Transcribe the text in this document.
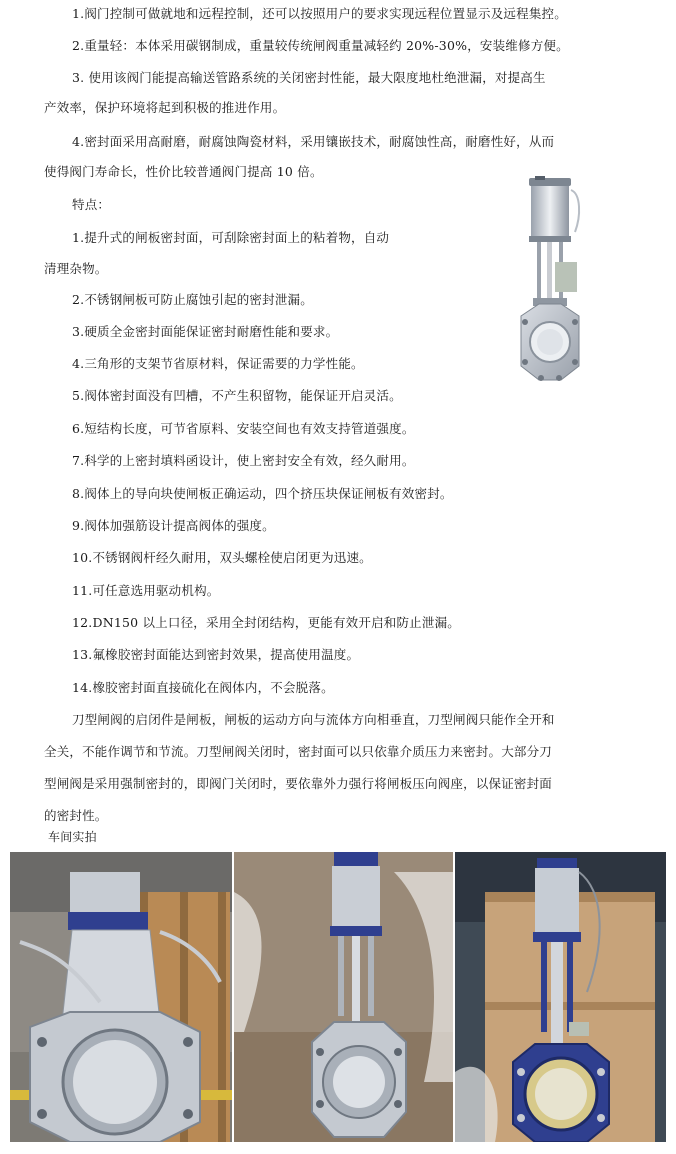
1.阀门控制可做就地和远程控制，还可以按照用户的要求实现远程位置显示及远程集控。

2.重量轻：本体采用碳钢制成，重量较传统闸阀重量减轻约 20%-30%，安装维修方便。

3. 使用该阀门能提高输送管路系统的关闭密封性能，最大限度地杜绝泄漏，对提高生

产效率，保护环境将起到积极的推进作用。

4.密封面采用高耐磨，耐腐蚀陶瓷材料，采用镶嵌技术，耐腐蚀性高，耐磨性好，从而

使得阀门寿命长，性价比较普通阀门提高 10 倍。

特点：

1.提升式的闸板密封面，可刮除密封面上的粘着物，自动

清理杂物。

2.不锈钢闸板可防止腐蚀引起的密封泄漏。

3.硬质全金密封面能保证密封耐磨性能和要求。

4.三角形的支架节省原材料，保证需要的力学性能。

5.阀体密封面没有凹槽，不产生积留物，能保证开启灵活。

6.短结构长度，可节省原料、安装空间也有效支持管道强度。

7.科学的上密封填料函设计，使上密封安全有效，经久耐用。

8.阀体上的导向块使闸板正确运动，四个挤压块保证闸板有效密封。

9.阀体加强筋设计提高阀体的强度。

10.不锈钢阀杆经久耐用，双头螺栓使启闭更为迅速。

11.可任意选用驱动机构。

12.DN150 以上口径，采用全封闭结构，更能有效开启和防止泄漏。

13.氟橡胶密封面能达到密封效果，提高使用温度。

14.橡胶密封面直接硫化在阀体内，不会脱落。

刀型闸阀的启闭件是闸板，闸板的运动方向与流体方向相垂直，刀型闸阀只能作全开和

全关，不能作调节和节流。刀型闸阀关闭时，密封面可以只依靠介质压力来密封。大部分刀

型闸阀是采用强制密封的，即阀门关闭时，要依靠外力强行将闸板压向阀座，以保证密封面

的密封性。

车间实拍
